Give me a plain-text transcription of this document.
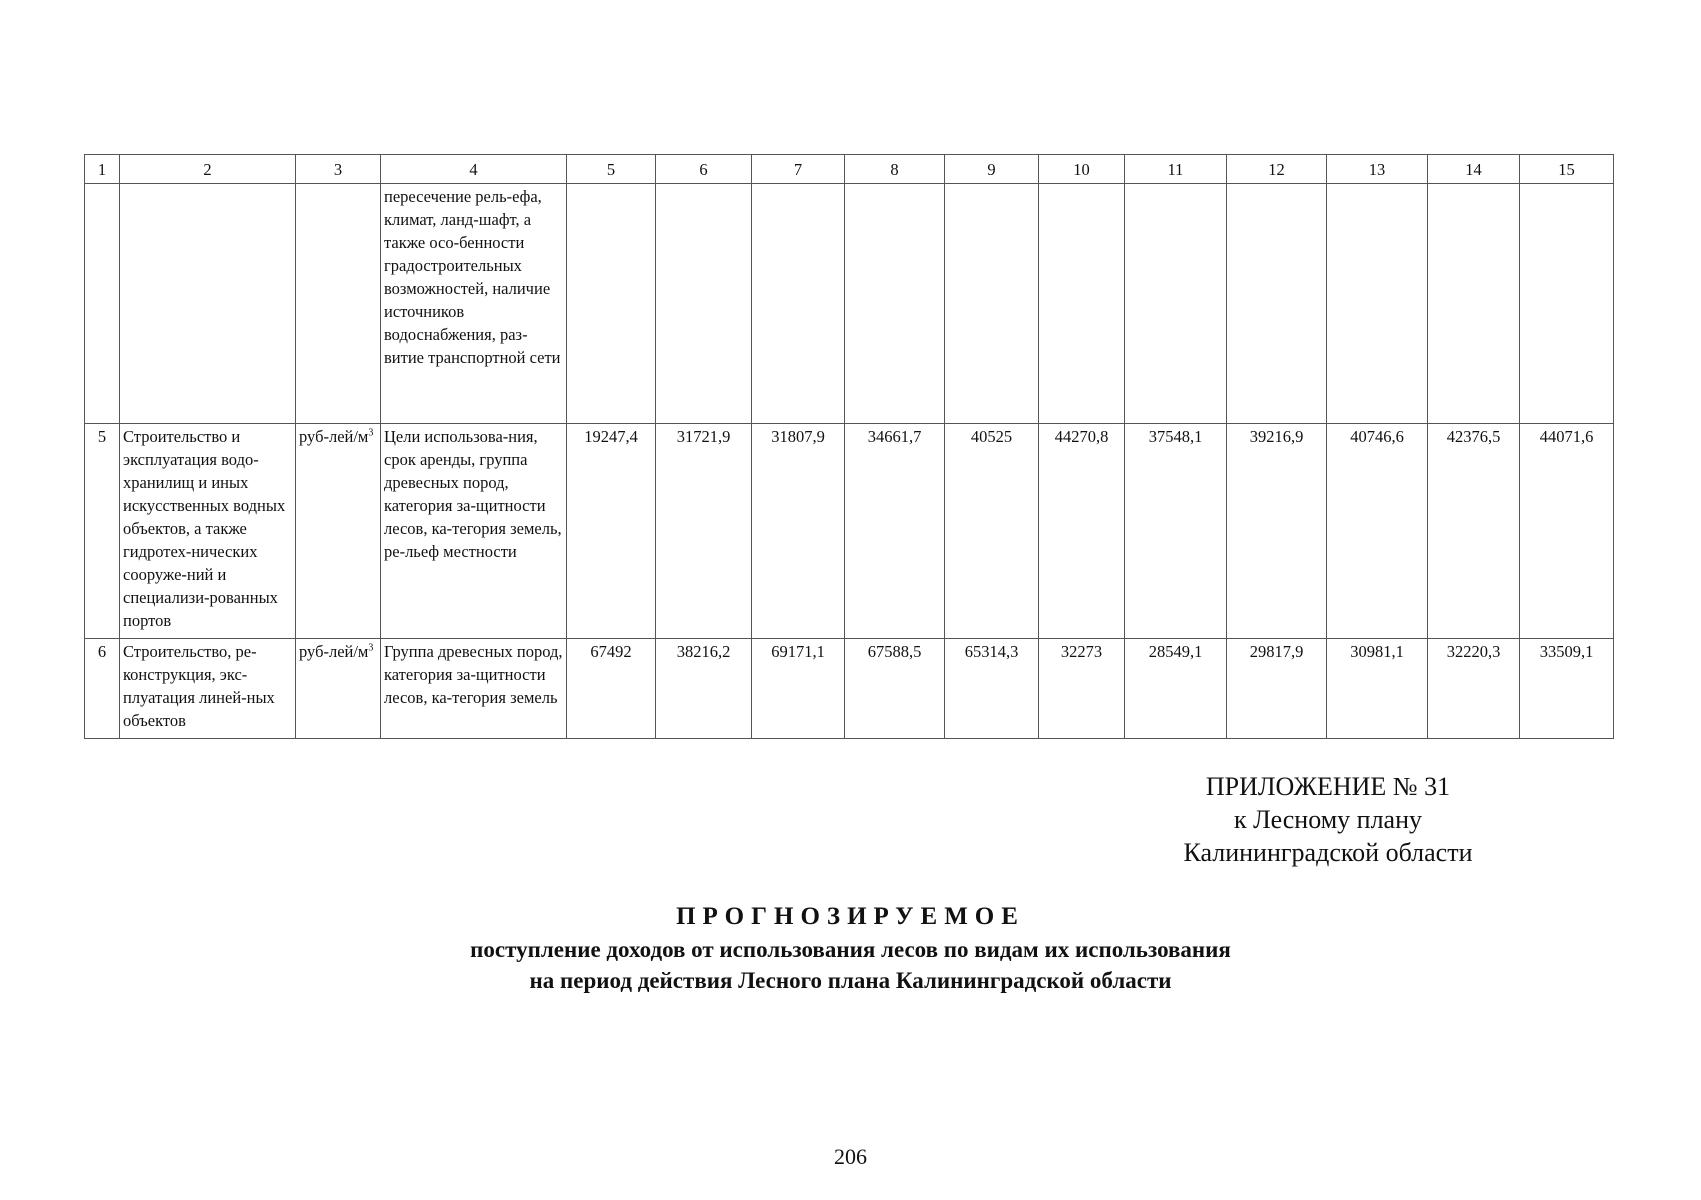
1	2	3	4	5	6	7	8	9	10	11	12	13	14	15
			пересечение рель-ефа, климат, ланд-шафт, а также осо-бенности градостроительных возможностей, наличие источников водоснабжения, раз-витие транспортной сети											
5	Строительство и эксплуатация водо-хранилищ и иных искусственных водных объектов, а также гидротех-нических сооруже-ний и специализи-рованных портов	руб-$лей/м^3$	Цели использова-ния, срок аренды, группа древесных пород, категория за-щитности лесов, ка-тегория земель, ре-льеф местности	19247,4	31721,9	31807,9	34661,7	40525	44270,8	37548,1	39216,9	40746,6	42376,5	44071,6
6	Строительство, ре-конструкция, экс-плуатация линей-ных объектов	руб-$лей/м^3$	Группа древесных пород, категория за-щитности лесов, ка-тегория земель	67492	38216,2	69171,1	67588,5	65314,3	32273	28549,1	29817,9	30981,1	32220,3	33509,1
ПРИЛОЖЕНИЕ № 31
к Лесному плану
Калининградской области
ПРОГНОЗИРУЕМОЕ
поступление доходов от использования лесов по видам их использования
на период действия Лесного плана Калининградской области
206
